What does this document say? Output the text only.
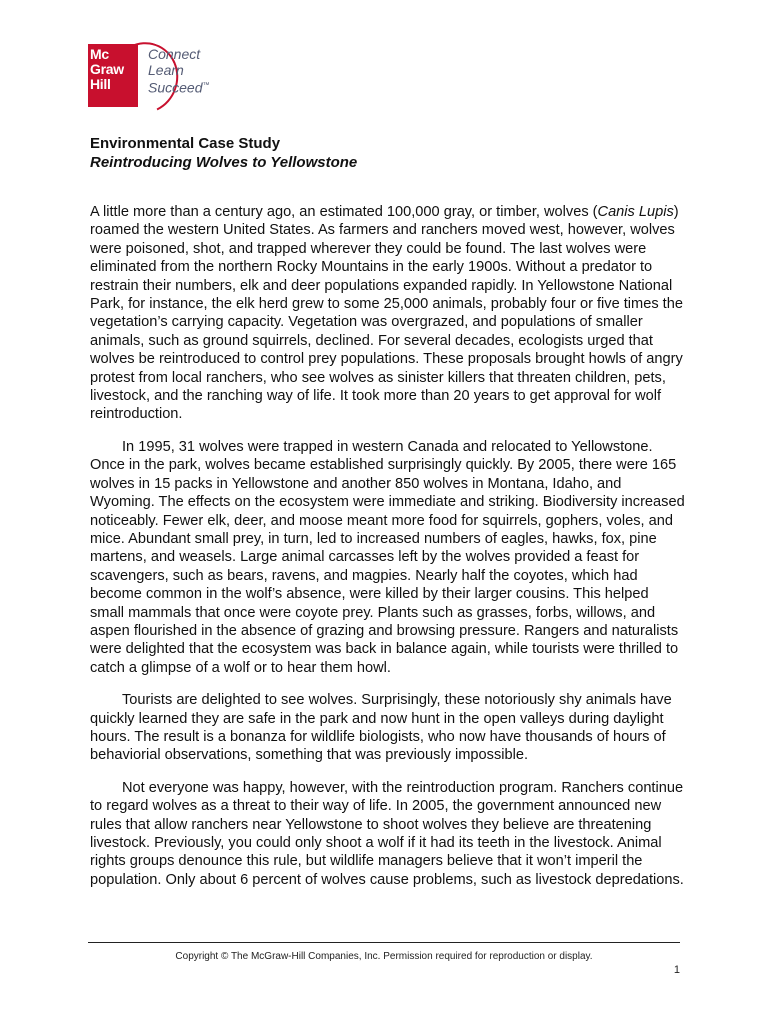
Mc
Graw
Hill
Connect
Learn
Succeed™
Environmental Case Study
Reintroducing Wolves to Yellowstone

A little more than a century ago, an estimated 100,000 gray, or timber, wolves (Canis Lupis) roamed the western United States. As farmers and ranchers moved west, however, wolves were poisoned, shot, and trapped wherever they could be found. The last wolves were eliminated from the northern Rocky Mountains in the early 1900s. Without a predator to restrain their numbers, elk and deer populations expanded rapidly. In Yellowstone National Park, for instance, the elk herd grew to some 25,000 animals, probably four or five times the vegetation’s carrying capacity. Vegetation was overgrazed, and populations of smaller animals, such as ground squirrels, declined. For several decades, ecologists urged that wolves be reintroduced to control prey populations. These proposals brought howls of angry protest from local ranchers, who see wolves as sinister killers that threaten children, pets, livestock, and the ranching way of life. It took more than 20 years to get approval for wolf reintroduction.

In 1995, 31 wolves were trapped in western Canada and relocated to Yellowstone. Once in the park, wolves became established surprisingly quickly. By 2005, there were 165 wolves in 15 packs in Yellowstone and another 850 wolves in Montana, Idaho, and Wyoming. The effects on the ecosystem were immediate and striking. Biodiversity increased noticeably. Fewer elk, deer, and moose meant more food for squirrels, gophers, voles, and mice. Abundant small prey, in turn, led to increased numbers of eagles, hawks, fox, pine martens, and weasels. Large animal carcasses left by the wolves provided a feast for scavengers, such as bears, ravens, and magpies. Nearly half the coyotes, which had become common in the wolf’s absence, were killed by their larger cousins. This helped small mammals that once were coyote prey. Plants such as grasses, forbs, willows, and aspen flourished in the absence of grazing and browsing pressure. Rangers and naturalists were delighted that the ecosystem was back in balance again, while tourists were thrilled to catch a glimpse of a wolf or to hear them howl.

Tourists are delighted to see wolves. Surprisingly, these notoriously shy animals have quickly learned they are safe in the park and now hunt in the open valleys during daylight hours. The result is a bonanza for wildlife biologists, who now have thousands of hours of behaviorial observations, something that was previously impossible.

Not everyone was happy, however, with the reintroduction program. Ranchers continue to regard wolves as a threat to their way of life. In 2005, the government announced new rules that allow ranchers near Yellowstone to shoot wolves they believe are threatening livestock. Previously, you could only shoot a wolf if it had its teeth in the livestock. Animal rights groups denounce this rule, but wildlife managers believe that it won’t imperil the population. Only about 6 percent of wolves cause problems, such as livestock depredations.

Copyright © The McGraw-Hill Companies, Inc. Permission required for reproduction or display.
1
